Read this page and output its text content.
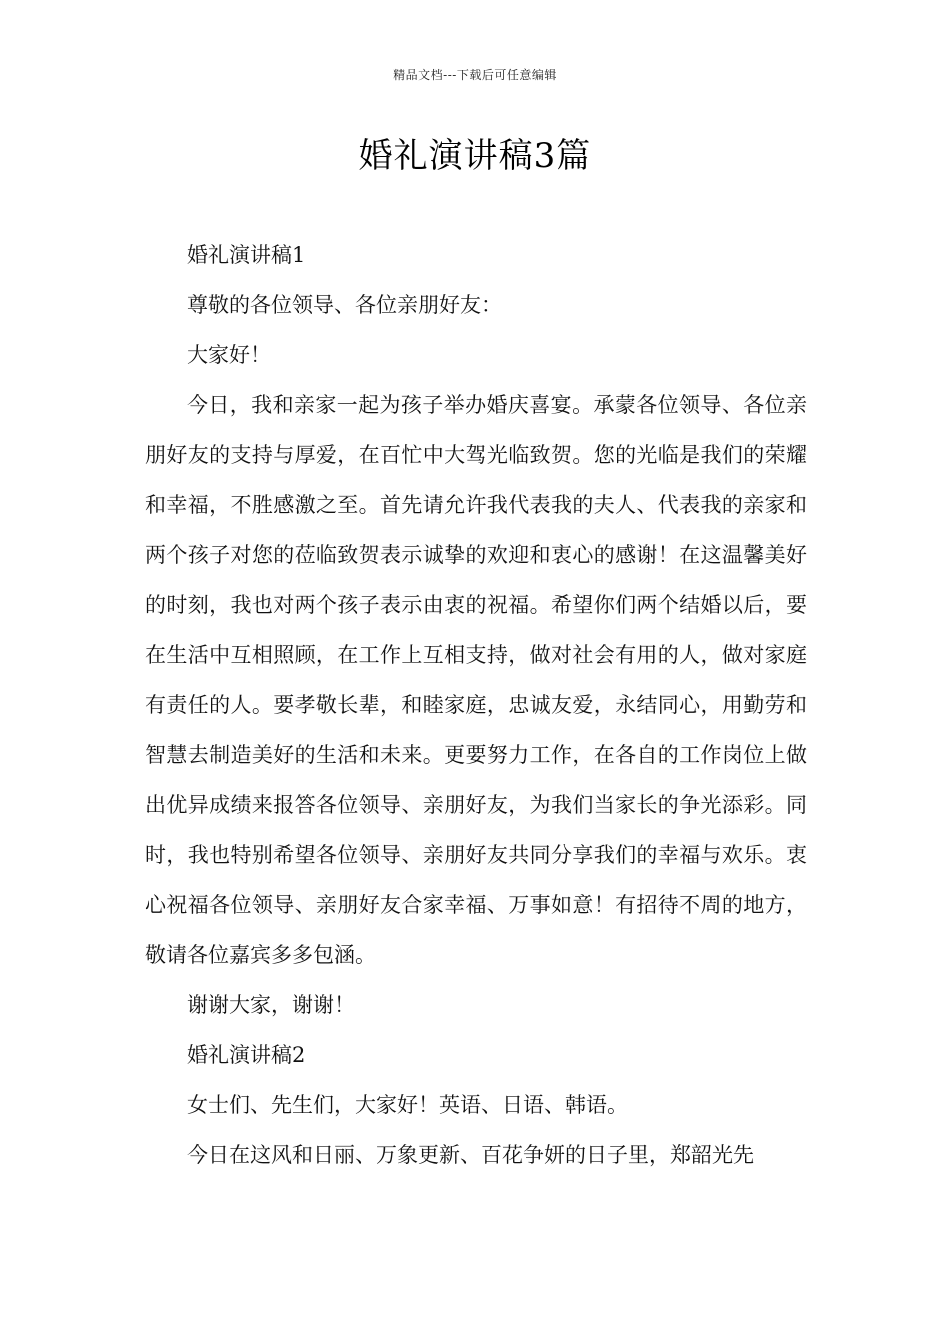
精品文档---下载后可任意编辑
婚礼演讲稿3篇

婚礼演讲稿1

尊敬的各位领导、各位亲朋好友：

大家好！

今日，我和亲家一起为孩子举办婚庆喜宴。承蒙各位领导、各位亲朋好友的支持与厚爱，在百忙中大驾光临致贺。您的光临是我们的荣耀和幸福，不胜感激之至。首先请允许我代表我的夫人、代表我的亲家和两个孩子对您的莅临致贺表示诚挚的欢迎和衷心的感谢！在这温馨美好的时刻，我也对两个孩子表示由衷的祝福。希望你们两个结婚以后，要在生活中互相照顾，在工作上互相支持，做对社会有用的人，做对家庭有责任的人。要孝敬长辈，和睦家庭，忠诚友爱，永结同心，用勤劳和智慧去制造美好的生活和未来。更要努力工作，在各自的工作岗位上做出优异成绩来报答各位领导、亲朋好友，为我们当家长的争光添彩。同时，我也特别希望各位领导、亲朋好友共同分享我们的幸福与欢乐。衷心祝福各位领导、亲朋好友合家幸福、万事如意！有招待不周的地方，敬请各位嘉宾多多包涵。

谢谢大家，谢谢！

婚礼演讲稿2

女士们、先生们，大家好！英语、日语、韩语。

今日在这风和日丽、万象更新、百花争妍的日子里，郑韶光先
